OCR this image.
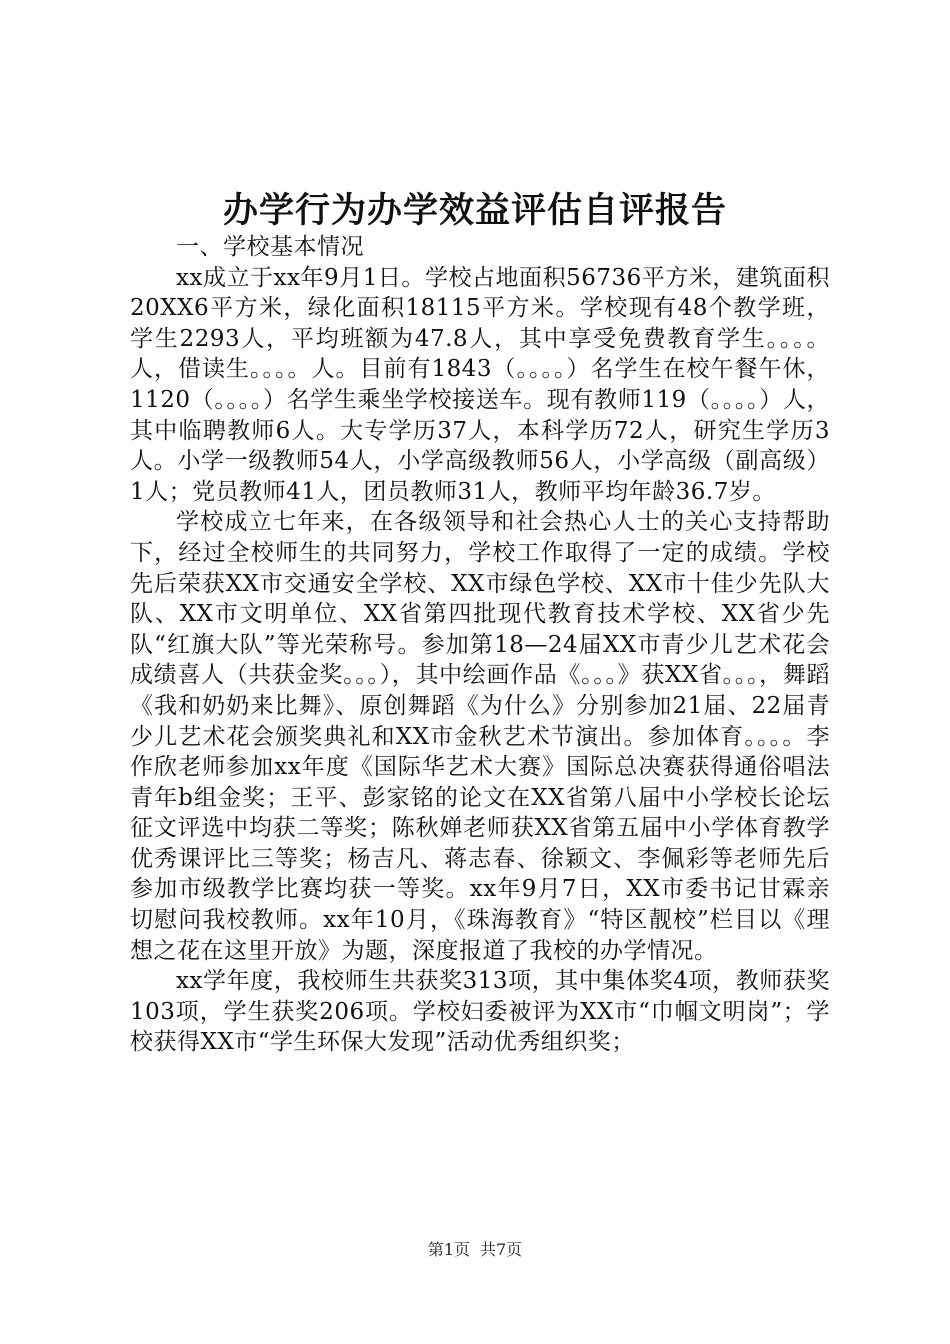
办学行为办学效益评估自评报告

一、学校基本情况

xx成立于xx年9月1日。学校占地面积56736平方米，建筑面积20XX6平方米，绿化面积18115平方米。学校现有48个教学班，学生2293人，平均班额为47.8人，其中享受免费教育学生。。。。人，借读生。。。。人。目前有1843（。。。。）名学生在校午餐午休，1120（。。。。）名学生乘坐学校接送车。现有教师119（。。。。）人，其中临聘教师6人。大专学历37人，本科学历72人，研究生学历3人。小学一级教师54人，小学高级教师56人，小学高级（副高级）1人；党员教师41人，团员教师31人，教师平均年龄36.7岁。

学校成立七年来，在各级领导和社会热心人士的关心支持帮助下，经过全校师生的共同努力，学校工作取得了一定的成绩。学校先后荣获XX市交通安全学校、XX市绿色学校、XX市十佳少先队大队、XX市文明单位、XX省第四批现代教育技术学校、XX省少先队“红旗大队”等光荣称号。参加第18—24届XX市青少儿艺术花会成绩喜人（共获金奖。。。），其中绘画作品《。。。》获XX省。。。，舞蹈《我和奶奶来比舞》、原创舞蹈《为什么》分别参加21届、22届青少儿艺术花会颁奖典礼和XX市金秋艺术节演出。参加体育。。。。李作欣老师参加xx年度《国际华艺术大赛》国际总决赛获得通俗唱法青年b组金奖；王平、彭家铭的论文在XX省第八届中小学校长论坛征文评选中均获二等奖；陈秋婵老师获XX省第五届中小学体育教学优秀课评比三等奖；杨吉凡、蒋志春、徐颖文、李佩彩等老师先后参加市级教学比赛均获一等奖。xx年9月7日，XX市委书记甘霖亲切慰问我校教师。xx年10月，《珠海教育》“特区靓校”栏目以《理想之花在这里开放》为题，深度报道了我校的办学情况。

xx学年度，我校师生共获奖313项，其中集体奖4项，教师获奖103项，学生获奖206项。学校妇委被评为XX市“巾帼文明岗”；学校获得XX市“学生环保大发现”活动优秀组织奖；

第1页 共7页
